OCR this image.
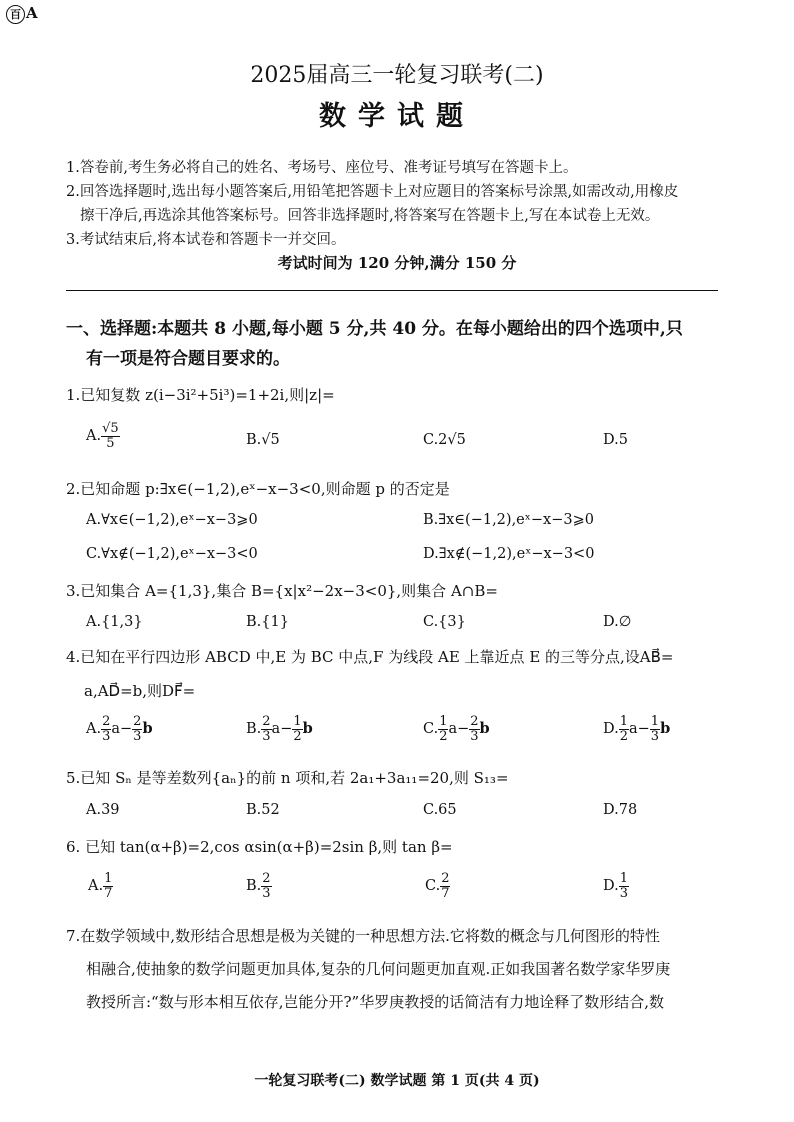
百 A
2025届高三一轮复习联考(二)
数学试题
1.答卷前,考生务必将自己的姓名、考场号、座位号、准考证号填写在答题卡上。
2.回答选择题时,选出每小题答案后,用铅笔把答题卡上对应题目的答案标号涂黑,如需改动,用橡皮
擦干净后,再选涂其他答案标号。回答非选择题时,将答案写在答题卡上,写在本试卷上无效。
3.考试结束后,将本试卷和答题卡一并交回。
考试时间为 120 分钟,满分 150 分
一、选择题:本题共 8 小题,每小题 5 分,共 40 分。在每小题给出的四个选项中,只
有一项是符合题目要求的。
1.已知复数 z(i−3i²+5i³)=1+2i,则|z|=
A. $\frac{√5}{5}$	B.√5	C.2√5	D.5
2.已知命题 p:∃x∈(−1,2),eˣ−x−3<0,则命题 p 的否定是
A.∀x∈(−1,2),eˣ−x−3⩾0	B.∃x∈(−1,2),eˣ−x−3⩾0
C.∀x∉(−1,2),eˣ−x−3<0	D.∃x∉(−1,2),eˣ−x−3<0
3.已知集合 A={1,3},集合 B={x|x²−2x−3<0},则集合 A∩B=
A.{1,3}	B.{1}	C.{3}	D.∅
4.已知在平行四边形 ABCD 中,E 为 BC 中点,F 为线段 AE 上靠近点 E 的三等分点,设AB⃗=
a,AD⃗=b,则DF⃗=
A. $\frac{2}{3} a- \frac{2}{3}$ b	B. $\frac{2}{3} a- \frac{1}{2}$ b	C. $\frac{1}{2} a- \frac{2}{3}$ b	D. $\frac{1}{2} a- \frac{1}{3}$ b
5.已知 Sₙ 是等差数列{aₙ}的前 n 项和,若 2a₁+3a₁₁=20,则 S₁₃=
A.39	B.52	C.65	D.78
6. 已知 tan(α+β)=2,cos αsin(α+β)=2sin β,则 tan β=
A. $\frac{1}{7}$	B. $\frac{2}{3}$	C. $\frac{2}{7}$	D. $\frac{1}{3}$
7.在数学领域中,数形结合思想是极为关键的一种思想方法.它将数的概念与几何图形的特性
相融合,使抽象的数学问题更加具体,复杂的几何问题更加直观.正如我国著名数学家华罗庚
教授所言:“数与形本相互依存,岂能分开?”华罗庚教授的话简洁有力地诠释了数形结合,数
一轮复习联考(二) 数学试题 第 1 页(共 4 页)
